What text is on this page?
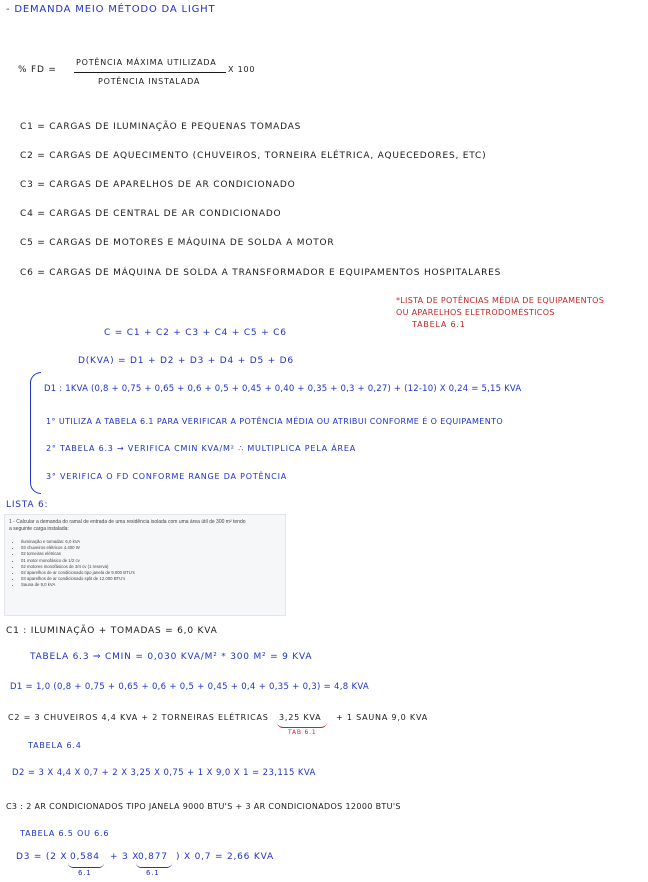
- DEMANDA MEIO MÉTODO DA LIGHT
% FD =
POTÊNCIA MÁXIMA UTILIZADA
X 100
POTÊNCIA INSTALADA
C1 = CARGAS DE ILUMINAÇÃO E PEQUENAS TOMADAS
C2 = CARGAS DE AQUECIMENTO (CHUVEIROS, TORNEIRA ELÉTRICA, AQUECEDORES, ETC)
C3 = CARGAS DE APARELHOS DE AR CONDICIONADO
C4 = CARGAS DE CENTRAL DE AR CONDICIONADO
C5 = CARGAS DE MOTORES E MÁQUINA DE SOLDA A MOTOR
C6 = CARGAS DE MÁQUINA DE SOLDA A TRANSFORMADOR E EQUIPAMENTOS HOSPITALARES
*LISTA DE POTÊNCIAS MÉDIA DE EQUIPAMENTOS
OU APARELHOS ELETRODOMÉSTICOS
TABELA 6.1
C = C1 + C2 + C3 + C4 + C5 + C6
D(KVA) = D1 + D2 + D3 + D4 + D5 + D6
D1 : 1KVA (0,8 + 0,75 + 0,65 + 0,6 + 0,5 + 0,45 + 0,40 + 0,35 + 0,3 + 0,27) + (12-10) X 0,24 = 5,15 KVA
1° UTILIZA A TABELA 6.1 PARA VERIFICAR A POTÊNCIA MÉDIA OU ATRIBUI CONFORME É O EQUIPAMENTO
2° TABELA 6.3 → VERIFICA CMIN KVA/M² ∴ MULTIPLICA PELA ÁREA
3° VERIFICA O FD CONFORME RANGE DA POTÊNCIA
LISTA 6:
1 - Calcular a demanda do ramal de entrada de uma residência isolada com uma área útil de 300 m² tendo
a seguinte carga instalada:
• Iluminação e tomadas: 6,0 kVA
• 03 chuveiros elétricos 4.400 W
• 02 torneiras elétricas
• 01 motor monofásico de 1/2 cv
• 02 motores monofásicos de 3/4 cv (1 reserva)
• 02 aparelhos de ar condicionado tipo janela de 9.000 BTU's
• 03 aparelhos de ar condicionado split de 12.000 BTU's
• Sauna de 9,0 kVA
C1 : ILUMINAÇÃO + TOMADAS = 6,0 KVA
TABELA 6.3 ⇒ CMIN = 0,030 KVA/M² * 300 M² = 9 KVA
D1 = 1,0 (0,8 + 0,75 + 0,65 + 0,6 + 0,5 + 0,45 + 0,4 + 0,35 + 0,3) = 4,8 KVA
C2 = 3 CHUVEIROS 4,4 KVA + 2 TORNEIRAS ELÉTRICAS 3,25 KVA
TAB 6.1
+ 1 SAUNA 9,0 KVA
TABELA 6.4
D2 = 3 X 4,4 X 0,7 + 2 X 3,25 X 0,75 + 1 X 9,0 X 1 = 23,115 KVA
C3 : 2 AR CONDICIONADOS TIPO JANELA 9000 BTU'S + 3 AR CONDICIONADOS 12000 BTU'S
TABELA 6.5 OU 6.6
D3 = (2 X 0,584
6.1
+ 3 X
0,877
6.1
) X 0,7 = 2,66 KVA
